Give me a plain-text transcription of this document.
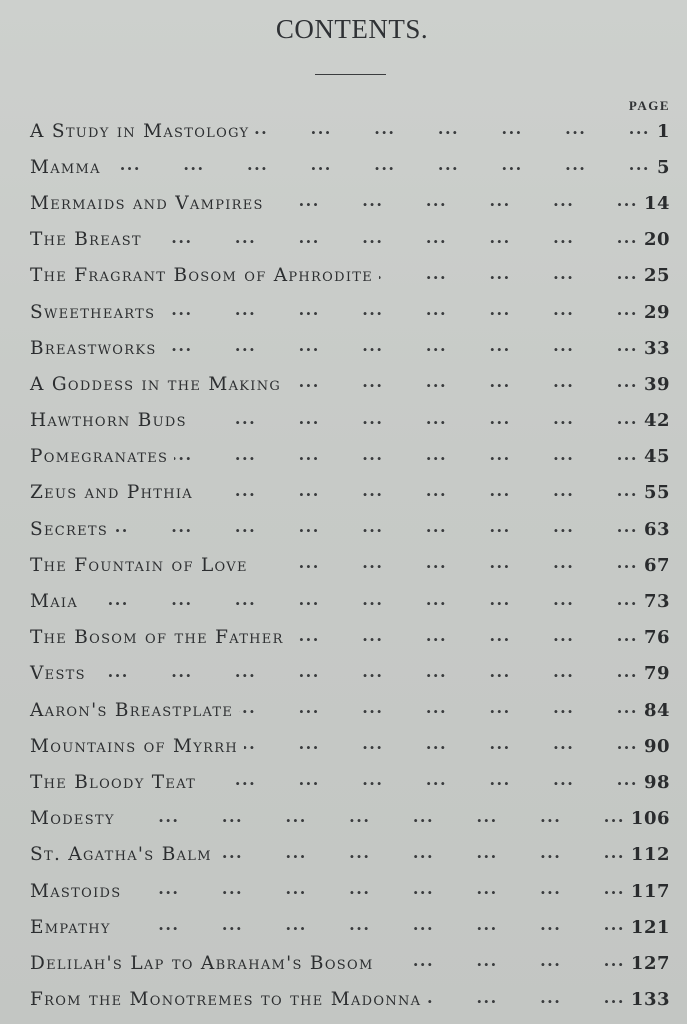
CONTENTS.
PAGE
A Study in Mastology ...	1
Mamma ...	5
Mermaids and Vampires ...	14
The Breast ...	20
The Fragrant Bosom of Aphrodite ...	25
Sweethearts ...	29
Breastworks ...	33
A Goddess in the Making ...	39
Hawthorn Buds ...	42
Pomegranates ...	45
Zeus and Phthia ...	55
Secrets ...	63
The Fountain of Love ...	67
Maia ...	73
The Bosom of the Father ...	76
Vests ...	79
Aaron's Breastplate ...	84
Mountains of Myrrh ...	90
The Bloody Teat ...	98
Modesty ...	106
St. Agatha's Balm ...	112
Mastoids ...	117
Empathy ...	121
Delilah's Lap to Abraham's Bosom ...	127
From the Monotremes to the Madonna ...	133
